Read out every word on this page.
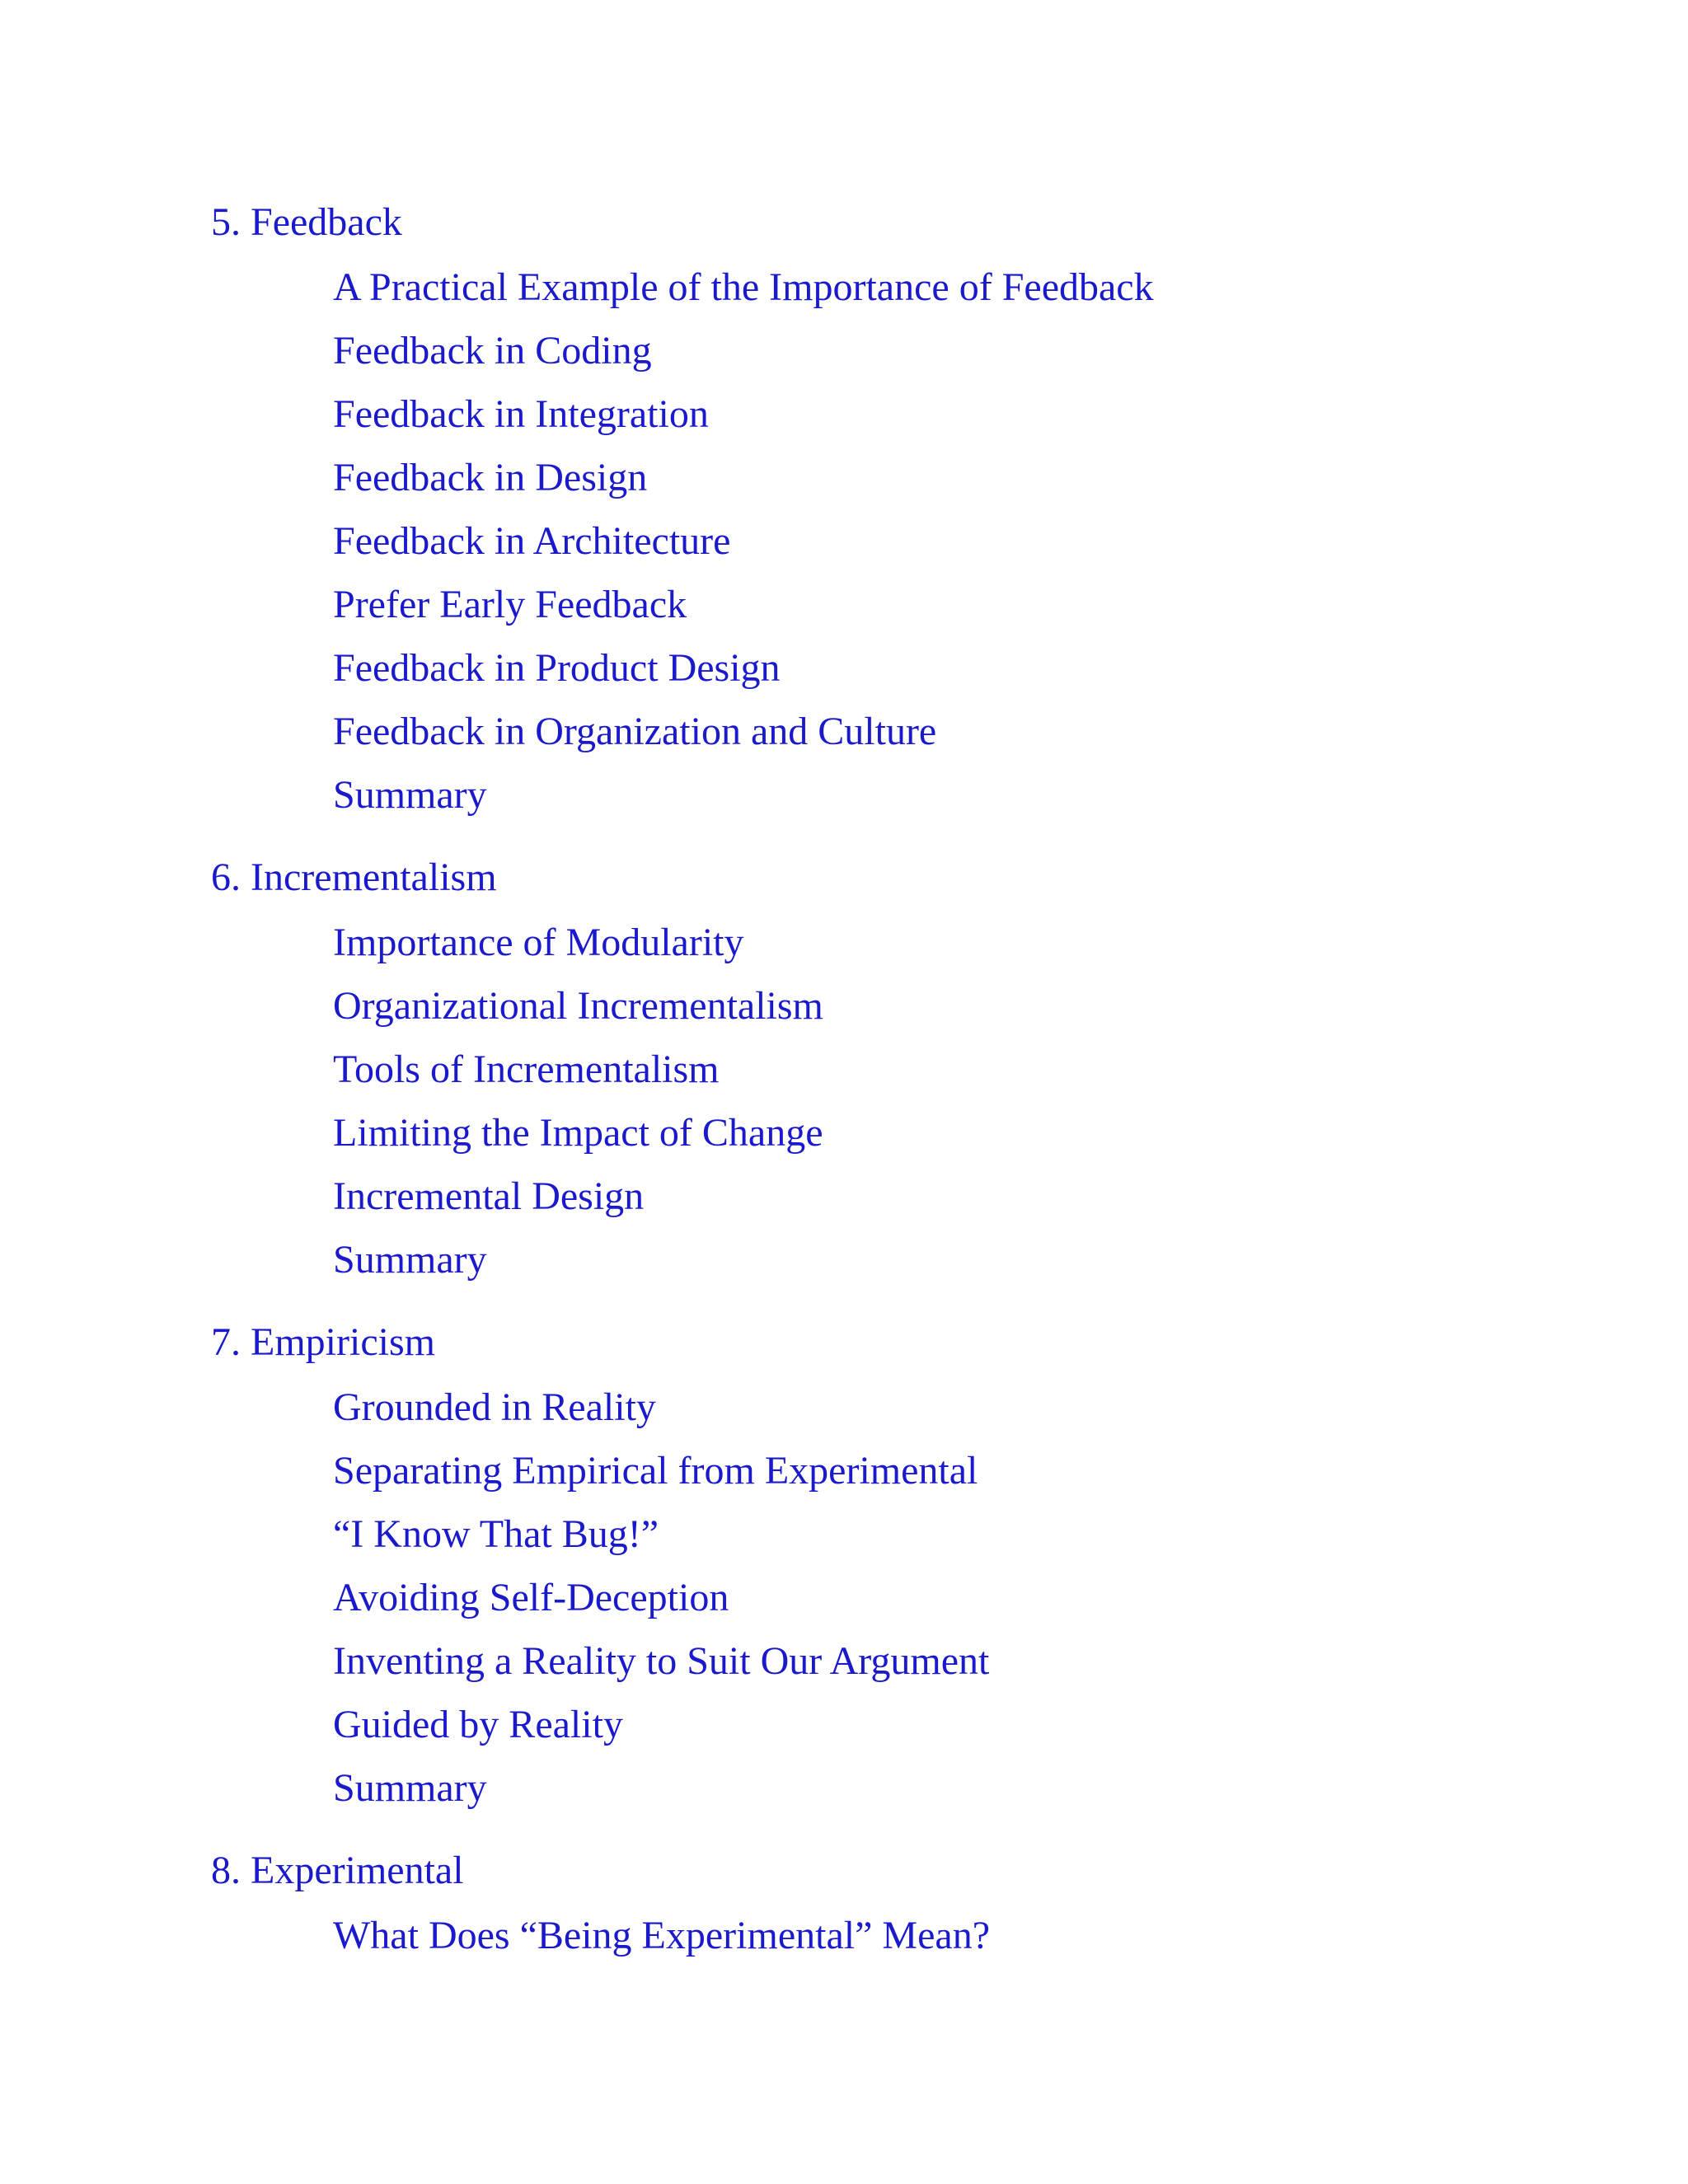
5. Feedback
A Practical Example of the Importance of Feedback
Feedback in Coding
Feedback in Integration
Feedback in Design
Feedback in Architecture
Prefer Early Feedback
Feedback in Product Design
Feedback in Organization and Culture
Summary
6. Incrementalism
Importance of Modularity
Organizational Incrementalism
Tools of Incrementalism
Limiting the Impact of Change
Incremental Design
Summary
7. Empiricism
Grounded in Reality
Separating Empirical from Experimental
“I Know That Bug!”
Avoiding Self-Deception
Inventing a Reality to Suit Our Argument
Guided by Reality
Summary
8. Experimental
What Does “Being Experimental” Mean?
